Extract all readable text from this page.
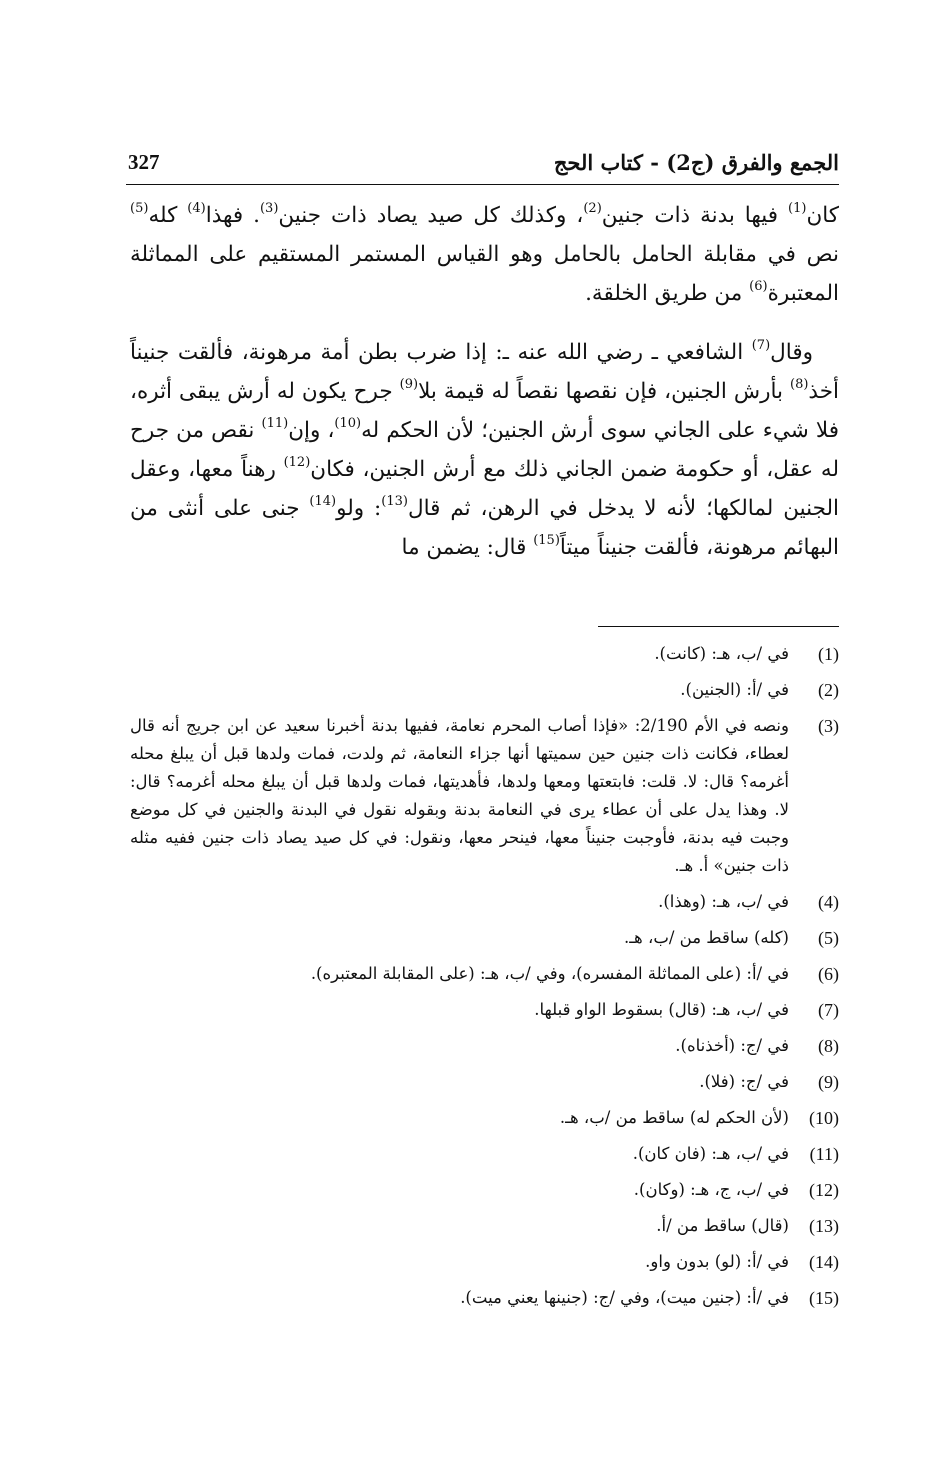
الجمع والفرق (ج2) - كتاب الحج
327

كان$^{(1)}$ فيها بدنة ذات جنين$^{(2)}$، وكذلك كل صيد يصاد ذات جنين$^{(3)}$. فهذا$^{(4)}$ كله$^{(5)}$ نص في مقابلة الحامل بالحامل وهو القياس المستمر المستقيم على المماثلة المعتبرة$^{(6)}$ من طريق الخلقة.

وقال$^{(7)}$ الشافعي ـ رضي الله عنه ـ: إذا ضرب بطن أمة مرهونة، فألقت جنيناً أخذ$^{(8)}$ بأرش الجنين، فإن نقصها نقصاً له قيمة بلا$^{(9)}$ جرح يكون له أرش يبقى أثره، فلا شيء على الجاني سوى أرش الجنين؛ لأن الحكم له$^{(10)}$، وإن$^{(11)}$ نقص من جرح له عقل، أو حكومة ضمن الجاني ذلك مع أرش الجنين، فكان$^{(12)}$ رهناً معها، وعقل الجنين لمالكها؛ لأنه لا يدخل في الرهن، ثم قال$^{(13)}$: ولو$^{(14)}$ جنى على أنثى من البهائم مرهونة، فألقت جنيناً ميتاً$^{(15)}$ قال: يضمن ما

(1)
في /ب، هـ: (كانت).
(2)
في /أ: (الجنين).
(3)
ونصه في الأم 2/190: «فإذا أصاب المحرم نعامة، ففيها بدنة أخبرنا سعيد عن ابن جريج أنه قال لعطاء، فكانت ذات جنين حين سميتها أنها جزاء النعامة، ثم ولدت، فمات ولدها قبل أن يبلغ محله أغرمه؟ قال: لا. قلت: فابتعتها ومعها ولدها، فأهديتها، فمات ولدها قبل أن يبلغ محله أغرمه؟ قال: لا. وهذا يدل على أن عطاء يرى في النعامة بدنة وبقوله نقول في البدنة والجنين في كل موضع وجبت فيه بدنة، فأوجبت جنيناً معها، فينحر معها، ونقول: في كل صيد يصاد ذات جنين ففيه مثله ذات جنين» أ. هـ.
(4)
في /ب، هـ: (وهذا).
(5)
(كله) ساقط من /ب، هـ.
(6)
في /أ: (على المماثلة المفسره)، وفي /ب، هـ: (على المقابلة المعتبره).
(7)
في /ب، هـ: (قال) بسقوط الواو قبلها.
(8)
في /ج: (أخذناه).
(9)
في /ج: (فلا).
(10)
(لأن الحكم له) ساقط من /ب، هـ.
(11)
في /ب، هـ: (فان كان).
(12)
في /ب، ج، هـ: (وكان).
(13)
(قال) ساقط من /أ.
(14)
في /أ: (لو) بدون واو.
(15)
في /أ: (جنين ميت)، وفي /ج: (جنينها يعني ميت).
